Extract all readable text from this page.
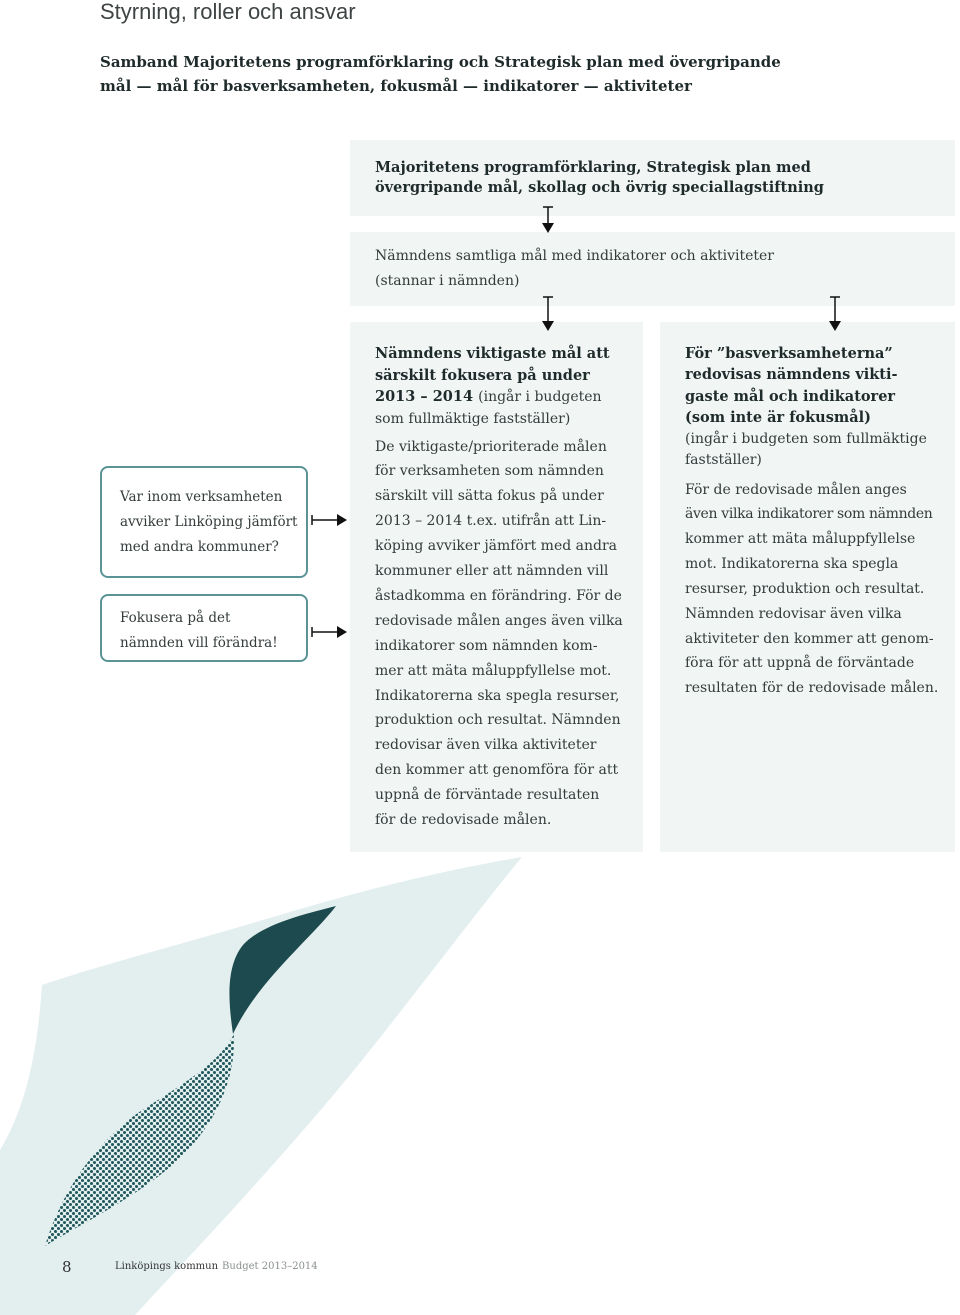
Styrning, roller och ansvar
Samband Majoritetens programförklaring och Strategisk plan med övergripande
mål — mål för basverksamheten, fokusmål — indikatorer — aktiviteter
Majoritetens programförklaring, Strategisk plan med
övergripande mål, skollag och övrig speciallagstiftning
Nämndens samtliga mål med indikatorer och aktiviteter
(stannar i nämnden)
Nämndens viktigaste mål att
särskilt fokusera på under
2013 – 2014 (ingår i budgeten
som fullmäktige fastställer)
De viktigaste/prioriterade målen
för verksamheten som nämnden
särskilt vill sätta fokus på under
2013 – 2014 t.ex. utifrån att Lin-
köping avviker jämfört med andra
kommuner eller att nämnden vill
åstadkomma en förändring. För de
redovisade målen anges även vilka
indikatorer som nämnden kom-
mer att mäta måluppfyllelse mot.
Indikatorerna ska spegla resurser,
produktion och resultat. Nämnden
redovisar även vilka aktiviteter
den kommer att genomföra för att
uppnå de förväntade resultaten
för de redovisade målen.
För ”basverksamheterna”
redovisas nämndens vikti-
gaste mål och indikatorer
(som inte är fokusmål)
(ingår i budgeten som fullmäktige
fastställer)
För de redovisade målen anges
även vilka indikatorer som nämnden
kommer att mäta måluppfyllelse
mot. Indikatorerna ska spegla
resurser, produktion och resultat.
Nämnden redovisar även vilka
aktiviteter den kommer att genom-
föra för att uppnå de förväntade
resultaten för de redovisade målen.
Var inom verksamheten
avviker Linköping jämfört
med andra kommuner?
Fokusera på det
nämnden vill förändra!
8	Linköpings kommun Budget 2013–2014
